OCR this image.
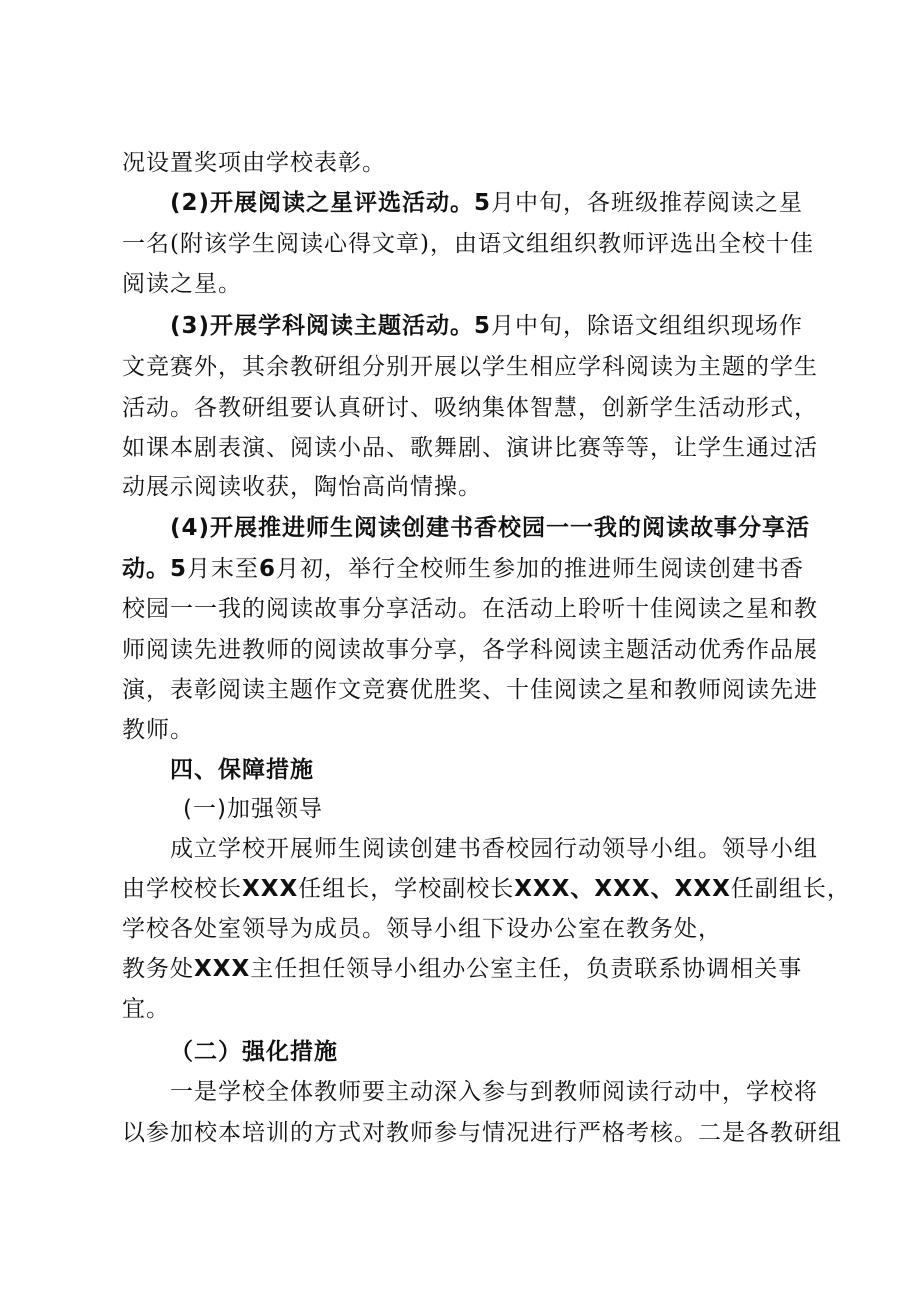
况设置奖项由学校表彰。
(2)开展阅读之星评选活动。5月中旬，各班级推荐阅读之星
一名(附该学生阅读心得文章)，由语文组组织教师评选出全校十佳
阅读之星。
(3)开展学科阅读主题活动。5月中旬，除语文组组织现场作
文竞赛外，其余教研组分别开展以学生相应学科阅读为主题的学生
活动。各教研组要认真研讨、吸纳集体智慧，创新学生活动形式，
如课本剧表演、阅读小品、歌舞剧、演讲比赛等等，让学生通过活
动展示阅读收获，陶怡高尚情操。
(4)开展推进师生阅读创建书香校园一一我的阅读故事分享活
动。5月末至6月初，举行全校师生参加的推进师生阅读创建书香
校园一一我的阅读故事分享活动。在活动上聆听十佳阅读之星和教
师阅读先进教师的阅读故事分享，各学科阅读主题活动优秀作品展
演，表彰阅读主题作文竞赛优胜奖、十佳阅读之星和教师阅读先进
教师。
四、保障措施
(一)加强领导
成立学校开展师生阅读创建书香校园行动领导小组。领导小组
由学校校长XXX任组长，学校副校长XXX、XXX、XXX任副组长，
学校各处室领导为成员。领导小组下设办公室在教务处，
教务处XXX主任担任领导小组办公室主任，负责联系协调相关事
宜。
（二）强化措施
一是学校全体教师要主动深入参与到教师阅读行动中，学校将
以参加校本培训的方式对教师参与情况进行严格考核。二是各教研组
